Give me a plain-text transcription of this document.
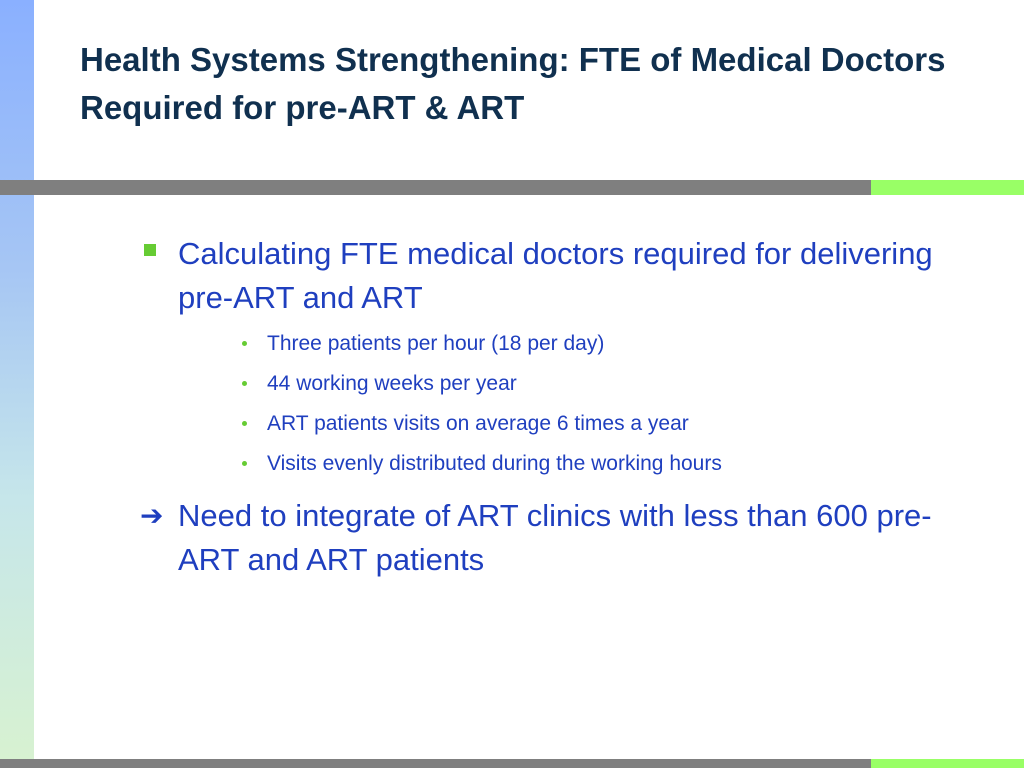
Health Systems Strengthening: FTE of Medical Doctors Required for pre-ART & ART
Calculating FTE medical doctors required for delivering pre-ART and ART
Three patients per hour (18 per day)
44 working weeks per year
ART patients visits on average 6 times a year
Visits evenly distributed during the working hours
➔ Need to integrate of ART clinics with less than 600 pre-ART and ART patients
